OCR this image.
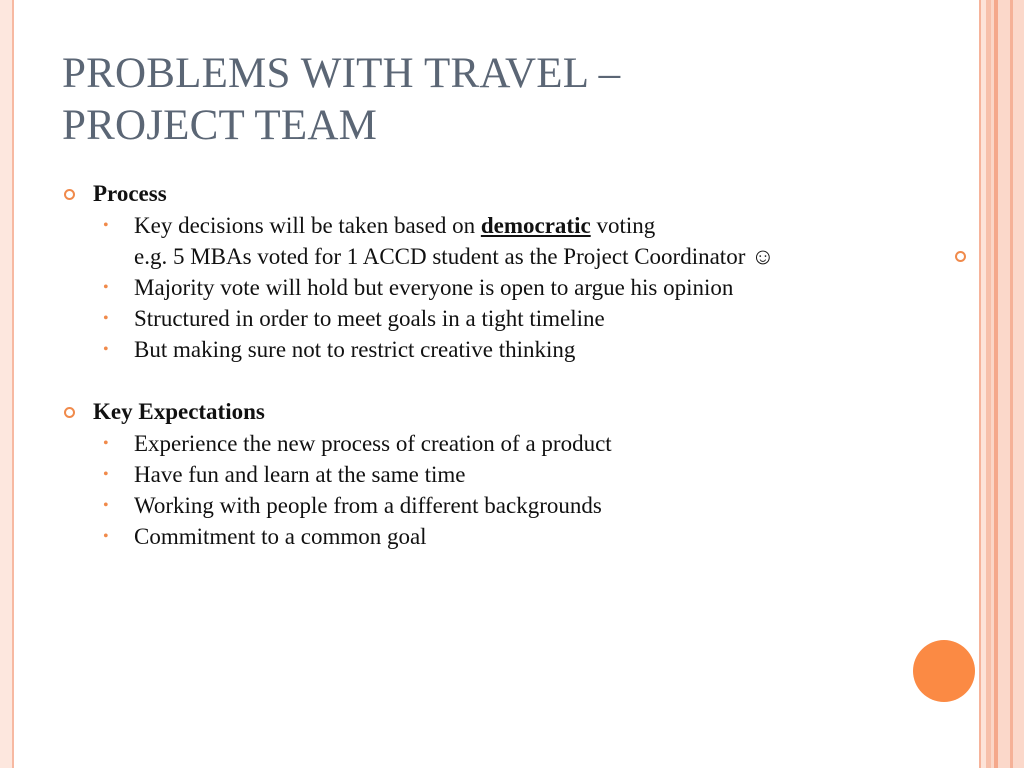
PROBLEMS WITH TRAVEL –
PROJECT TEAM
Process
• Key decisions will be taken based on democratic voting
e.g. 5 MBAs voted for 1 ACCD student as the Project Coordinator ☺
• Majority vote will hold but everyone is open to argue his opinion
• Structured in order to meet goals in a tight timeline
• But making sure not to restrict creative thinking
Key Expectations
• Experience the new process of creation of a product
• Have fun and learn at the same time
• Working with people from a different backgrounds
• Commitment to a common goal
